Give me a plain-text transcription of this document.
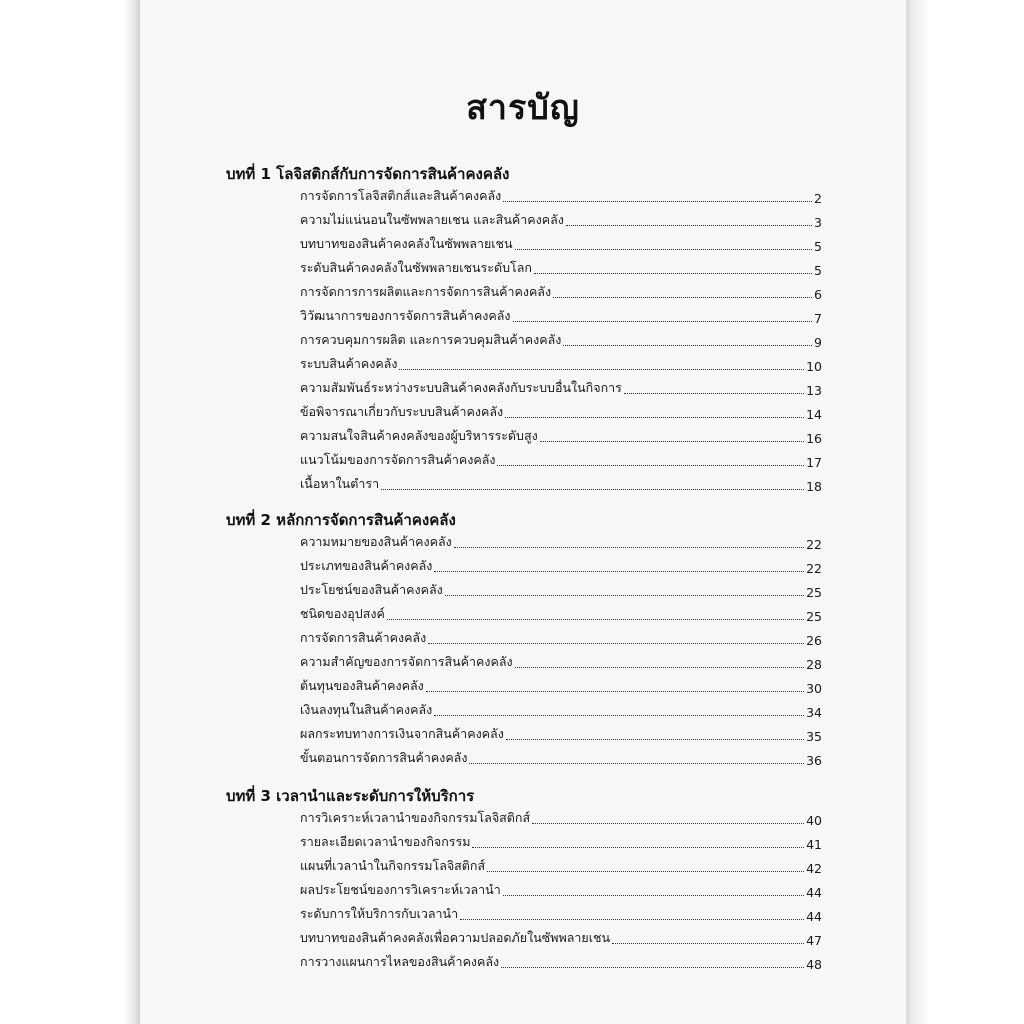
สารบัญ
บทที่ 1 โลจิสติกส์กับการจัดการสินค้าคงคลัง
การจัดการโลจิสติกส์และสินค้าคงคลัง	2
ความไม่แน่นอนในซัพพลายเชน และสินค้าคงคลัง	3
บทบาทของสินค้าคงคลังในซัพพลายเชน	5
ระดับสินค้าคงคลังในซัพพลายเชนระดับโลก	5
การจัดการการผลิตและการจัดการสินค้าคงคลัง	6
วิวัฒนาการของการจัดการสินค้าคงคลัง	7
การควบคุมการผลิต และการควบคุมสินค้าคงคลัง	9
ระบบสินค้าคงคลัง	10
ความสัมพันธ์ระหว่างระบบสินค้าคงคลังกับระบบอื่นในกิจการ	13
ข้อพิจารณาเกี่ยวกับระบบสินค้าคงคลัง	14
ความสนใจสินค้าคงคลังของผู้บริหารระดับสูง	16
แนวโน้มของการจัดการสินค้าคงคลัง	17
เนื้อหาในตำรา	18
บทที่ 2 หลักการจัดการสินค้าคงคลัง
ความหมายของสินค้าคงคลัง	22
ประเภทของสินค้าคงคลัง	22
ประโยชน์ของสินค้าคงคลัง	25
ชนิดของอุปสงค์	25
การจัดการสินค้าคงคลัง	26
ความสำคัญของการจัดการสินค้าคงคลัง	28
ต้นทุนของสินค้าคงคลัง	30
เงินลงทุนในสินค้าคงคลัง	34
ผลกระทบทางการเงินจากสินค้าคงคลัง	35
ขั้นตอนการจัดการสินค้าคงคลัง	36
บทที่ 3 เวลานำและระดับการให้บริการ
การวิเคราะห์เวลานำของกิจกรรมโลจิสติกส์	40
รายละเอียดเวลานำของกิจกรรม	41
แผนที่เวลานำในกิจกรรมโลจิสติกส์	42
ผลประโยชน์ของการวิเคราะห์เวลานำ	44
ระดับการให้บริการกับเวลานำ	44
บทบาทของสินค้าคงคลังเพื่อความปลอดภัยในซัพพลายเชน	47
การวางแผนการไหลของสินค้าคงคลัง	48
